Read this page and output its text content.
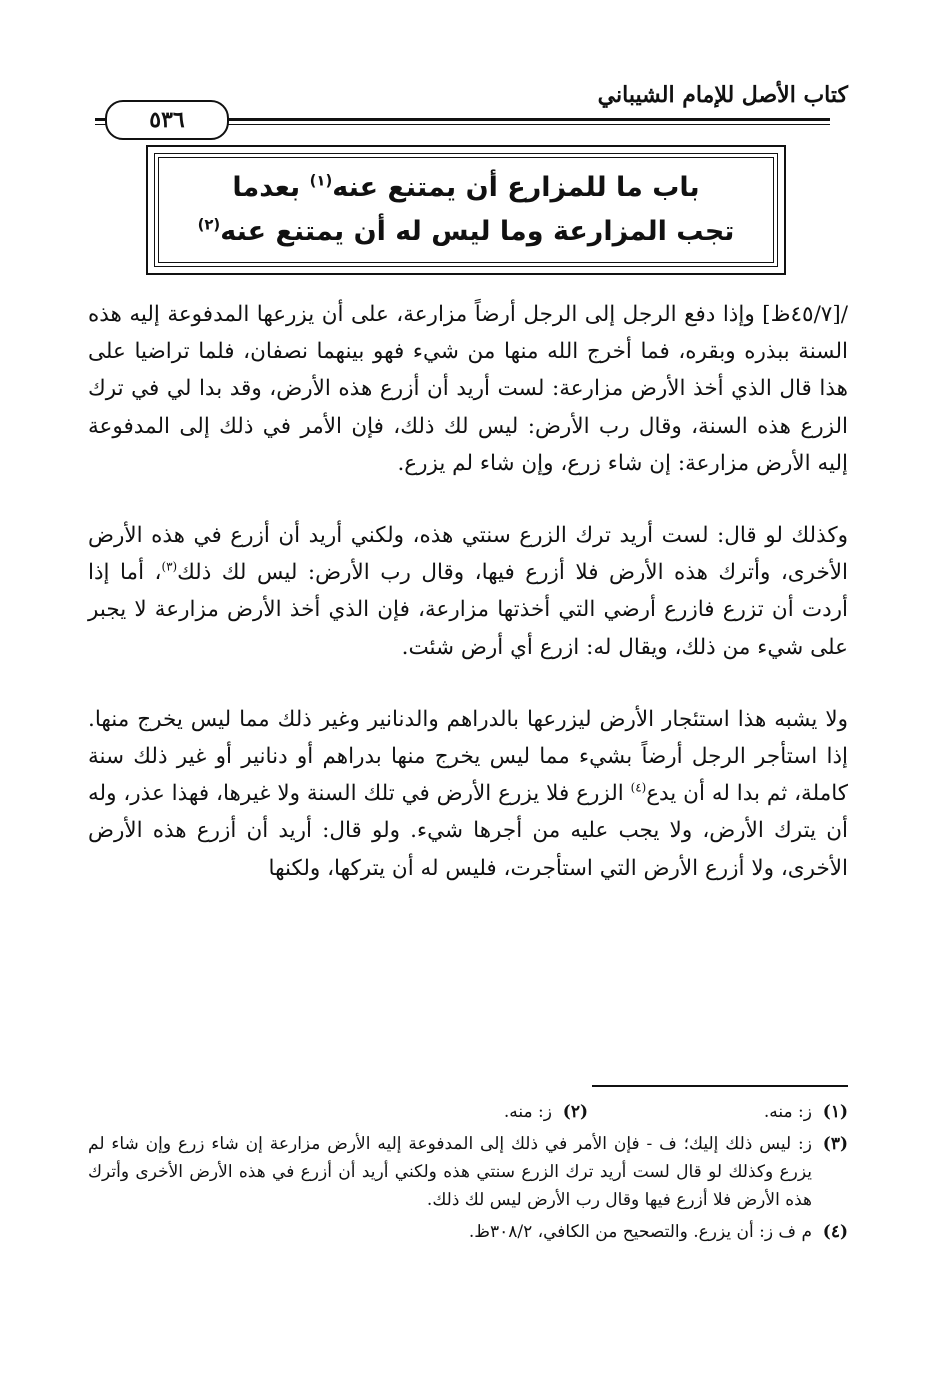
كتاب الأصل للإمام الشيباني
٥٣٦
باب ما للمزارع أن يمتنع عنه$^{(١)}$ بعدما
تجب المزارعة وما ليس له أن يمتنع عنه$^{(٢)}$

/[٤٥/٧ظ] وإذا دفع الرجل إلى الرجل أرضاً مزارعة، على أن يزرعها المدفوعة إليه هذه السنة ببذره وبقره، فما أخرج الله منها من شيء فهو بينهما نصفان، فلما تراضيا على هذا قال الذي أخذ الأرض مزارعة: لست أريد أن أزرع هذه الأرض، وقد بدا لي في ترك الزرع هذه السنة، وقال رب الأرض: ليس لك ذلك، فإن الأمر في ذلك إلى المدفوعة إليه الأرض مزارعة: إن شاء زرع، وإن شاء لم يزرع.

وكذلك لو قال: لست أريد ترك الزرع سنتي هذه، ولكني أريد أن أزرع في هذه الأرض الأخرى، وأترك هذه الأرض فلا أزرع فيها، وقال رب الأرض: ليس لك ذلك$^{(٣)}$، أما إذا أردت أن تزرع فازرع أرضي التي أخذتها مزارعة، فإن الذي أخذ الأرض مزارعة لا يجبر على شيء من ذلك، ويقال له: ازرع أي أرض شئت.

ولا يشبه هذا استئجار الأرض ليزرعها بالدراهم والدنانير وغير ذلك مما ليس يخرج منها. إذا استأجر الرجل أرضاً بشيء مما ليس يخرج منها بدراهم أو دنانير أو غير ذلك سنة كاملة، ثم بدا له أن يدع$^{(٤)}$ الزرع فلا يزرع الأرض في تلك السنة ولا غيرها، فهذا عذر، وله أن يترك الأرض، ولا يجب عليه من أجرها شيء. ولو قال: أريد أن أزرع هذه الأرض الأخرى، ولا أزرع الأرض التي استأجرت، فليس له أن يتركها، ولكنها

(١)
ز: منه.
(٢)
ز: منه.
(٣)
ز: ليس ذلك إليك؛ ف - فإن الأمر في ذلك إلى المدفوعة إليه الأرض مزارعة إن شاء زرع وإن شاء لم يزرع وكذلك لو قال لست أريد ترك الزرع سنتي هذه ولكني أريد أن أزرع في هذه الأرض الأخرى وأترك هذه الأرض فلا أزرع فيها وقال رب الأرض ليس لك ذلك.
(٤)
م ف ز: أن يزرع. والتصحيح من الكافي، ٣٠٨/٢ظ.
